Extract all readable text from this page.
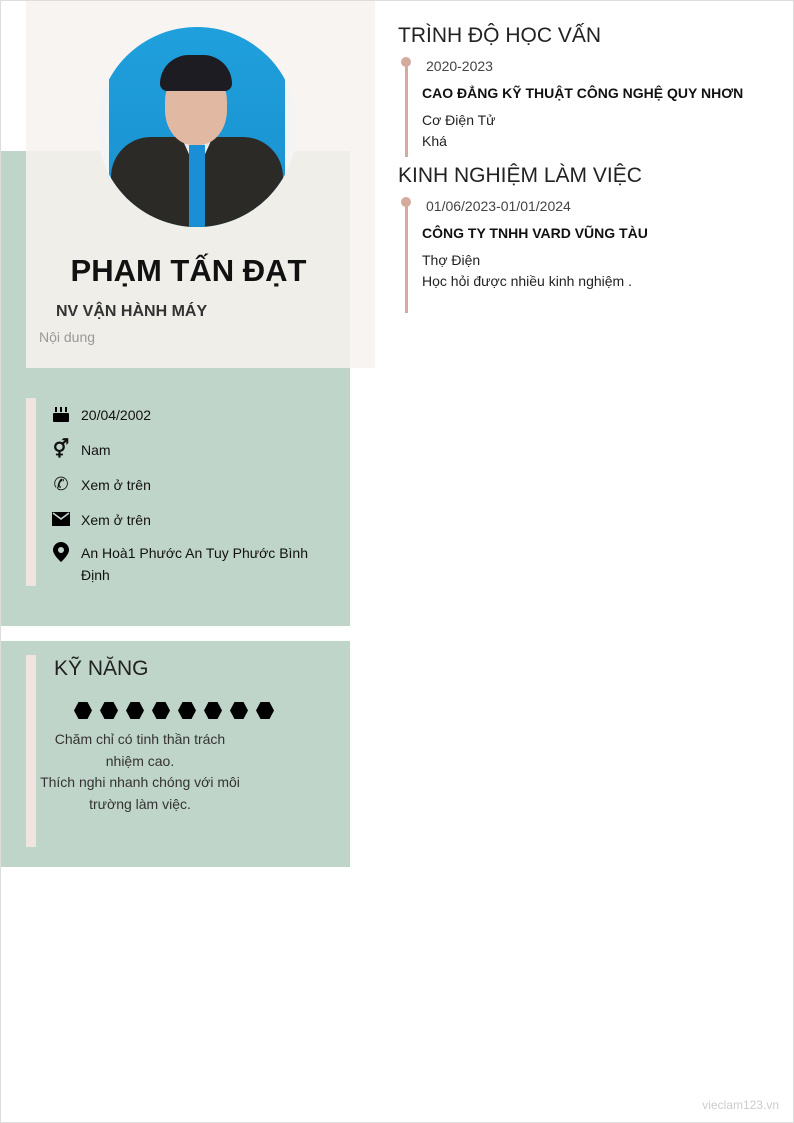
PHẠM TẤN ĐẠT
NV VẬN HÀNH MÁY
Nội dung
20/04/2002
⚥ Nam
✆ Xem ở trên
Xem ở trên
An Hoà1 Phước An Tuy Phước Bình Định
KỸ NĂNG
Chăm chỉ có tinh thần trách nhiệm cao.
Thích nghi nhanh chóng với môi trường làm việc.
TRÌNH ĐỘ HỌC VẤN
2020-2023
CAO ĐẲNG KỸ THUẬT CÔNG NGHỆ QUY NHƠN
Cơ Điện Tử
Khá
KINH NGHIỆM LÀM VIỆC
01/06/2023-01/01/2024
CÔNG TY TNHH VARD VŨNG TÀU
Thợ Điện
Học hỏi được nhiều kinh nghiệm .
vieclam123.vn
